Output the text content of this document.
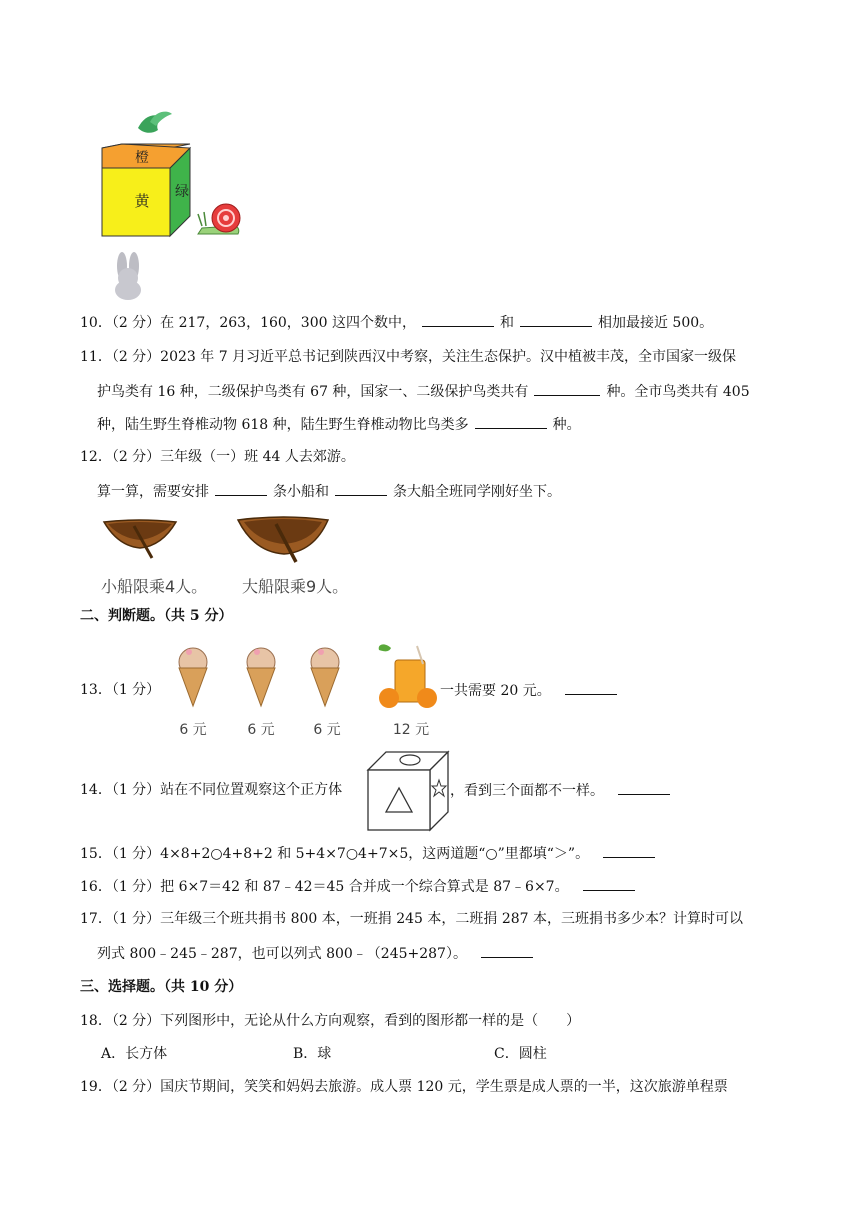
橙
黄 绿
10．（2 分）在 217，263，160，300 这四个数中，	和	相加最接近 500。
11．（2 分）2023 年 7 月习近平总书记到陕西汉中考察，关注生态保护。汉中植被丰茂，全市国家一级保
护鸟类有 16 种，二级保护鸟类有 67 种，国家一、二级保护鸟类共有	种。全市鸟类共有 405
种，陆生野生脊椎动物 618 种，陆生野生脊椎动物比鸟类多	种。
12．（2 分）三年级（一）班 44 人去郊游。
算一算，需要安排	条小船和	条大船全班同学刚好坐下。
小船限乘4人。 大船限乘9人。
二、判断题。（共 5 分）
13．（1 分）
6 元	6 元	6 元	12 元
一共需要 20 元。
14．（1 分）站在不同位置观察这个正方体	，看到三个面都不一样。
15．（1 分）4×8+2○4+8+2 和 5+4×7○4+7×5，这两道题“○”里都填“＞”。
16．（1 分）把 6×7＝42 和 87﹣42＝45 合并成一个综合算式是 87﹣6×7。
17．（1 分）三年级三个班共捐书 800 本，一班捐 245 本，二班捐 287 本，三班捐书多少本？计算时可以
列式 800﹣245﹣287，也可以列式 800﹣（245+287）。
三、选择题。（共 10 分）
18．（2 分）下列图形中，无论从什么方向观察，看到的图形都一样的是（　　）
A．长方体	B．球	C．圆柱
19．（2 分）国庆节期间，笑笑和妈妈去旅游。成人票 120 元，学生票是成人票的一半，这次旅游单程票
